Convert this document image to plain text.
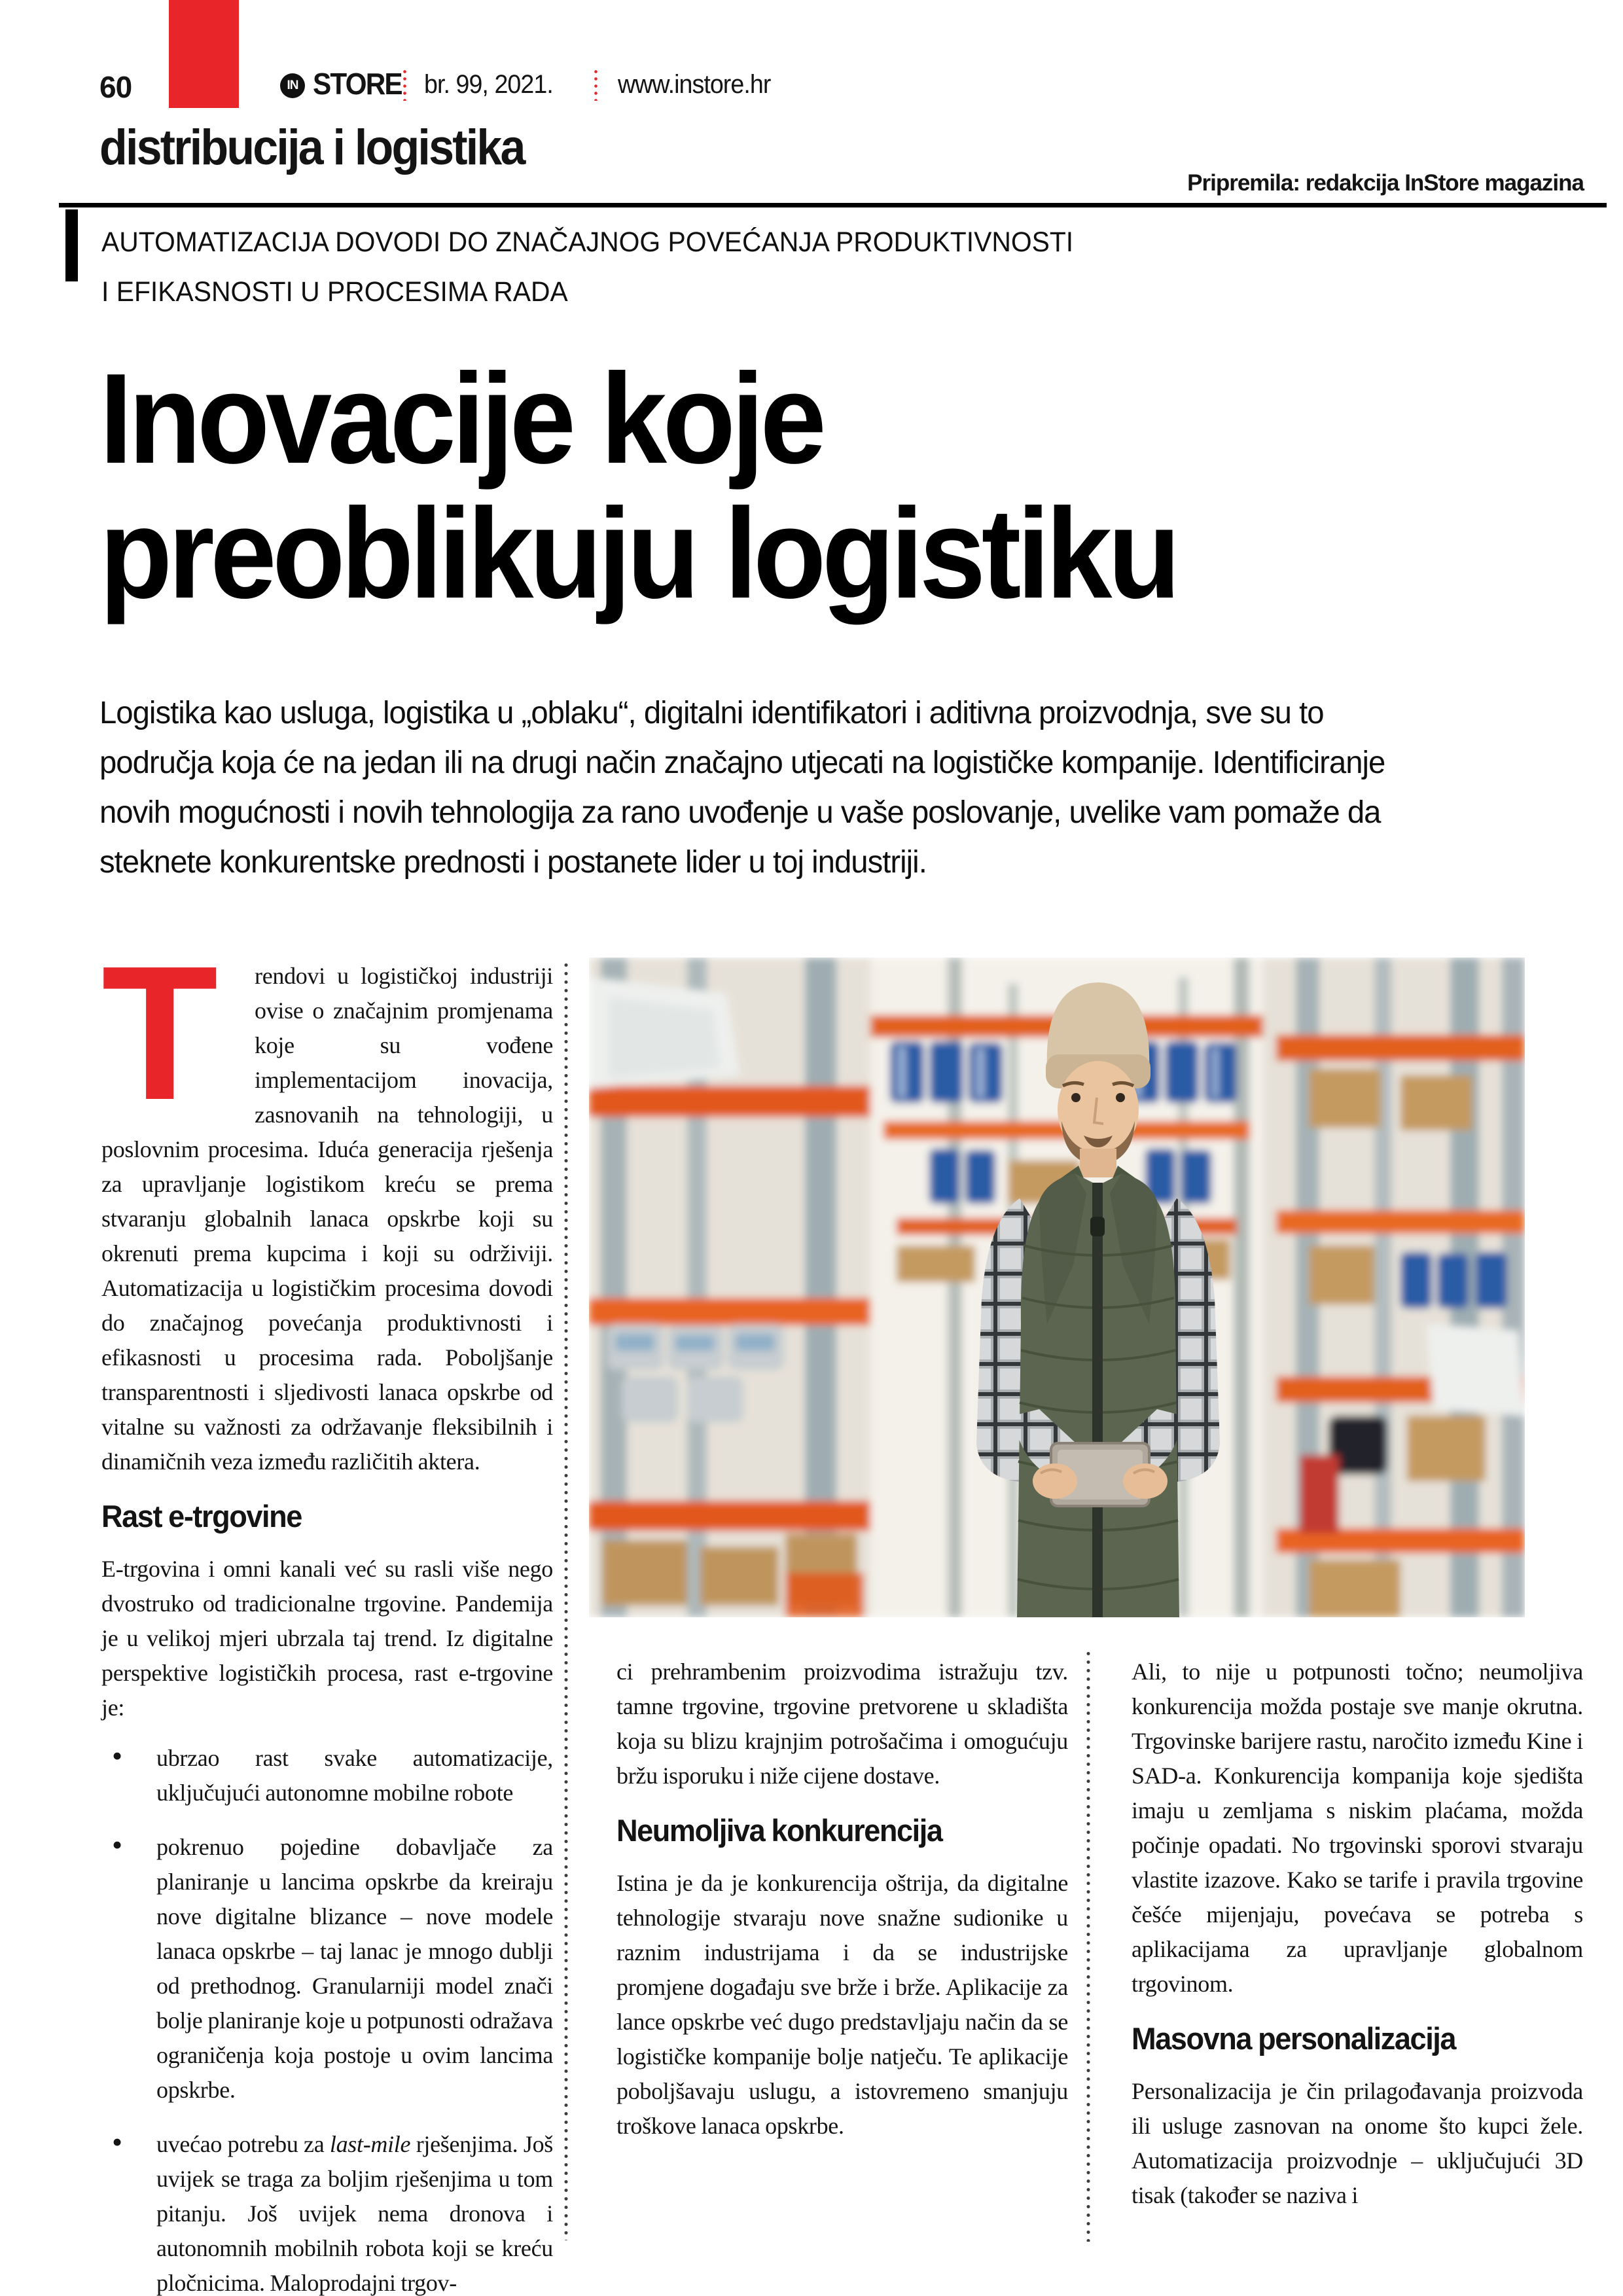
60	IN STORE br. 99, 2021. www.instore.hr
distribucija i logistika
Pripremila: redakcija InStore magazina
AUTOMATIZACIJA DOVODI DO ZNAČAJNOG POVEĆANJA PRODUKTIVNOSTI
I EFIKASNOSTI U PROCESIMA RADA
Inovacije koje
preoblikuju logistiku
Logistika kao usluga, logistika u „oblaku“, digitalni identifikatori i aditivna proizvodnja, sve su to područja koja će na jedan ili na drugi način značajno utjecati na logističke kompanije. Identificiranje novih mogućnosti i novih tehnologija za rano uvođenje u vaše poslovanje, uvelike vam pomaže da steknete konkurentske prednosti i postanete lider u toj industriji.

T	rendovi u logističkoj industriji ovise o značajnim promjenama koje su vođene implementacijom inovacija, zasnovanih na tehnologiji, u poslovnim procesima. Iduća generacija rješenja za upravljanje logistikom kreću se prema stvaranju globalnih lanaca opskrbe koji su okrenuti prema kupcima i koji su održiviji. Automatizacija u logističkim procesima dovodi do značajnog povećanja produktivnosti i efikasnosti u procesima rada. Poboljšanje transparentnosti i sljedivosti lanaca opskrbe od vitalne su važnosti za održavanje fleksibilnih i dinamičnih veza između različitih aktera.

Rast e-trgovine

E-trgovina i omni kanali već su rasli više nego dvostruko od tradicionalne trgovine. Pandemija je u velikoj mjeri ubrzala taj trend. Iz digitalne perspektive logističkih procesa, rast e-trgovine je:

• ubrzao rast svake automatizacije, uključujući autonomne mobilne robote
• pokrenuo pojedine dobavljače za planiranje u lancima opskrbe da kreiraju nove digitalne blizance – nove modele lanaca opskrbe – taj lanac je mnogo dublji od prethodnog. Granularniji model znači bolje planiranje koje u potpunosti odražava ograničenja koja postoje u ovim lancima opskrbe.
• uvećao potrebu za last-mile rješenjima. Još uvijek se traga za boljim rješenjima u tom pitanju. Još uvijek nema dronova i autonomnih mobilnih robota koji se kreću pločnicima. Maloprodajni trgov-

ci prehrambenim proizvodima istražuju tzv. tamne trgovine, trgovine pretvorene u skladišta koja su blizu krajnjim potrošačima i omogućuju bržu isporuku i niže cijene dostave.

Neumoljiva konkurencija

Istina je da je konkurencija oštrija, da digitalne tehnologije stvaraju nove snažne sudionike u raznim industrijama i da se industrijske promjene događaju sve brže i brže. Aplikacije za lance opskrbe već dugo predstavljaju način da se logističke kompanije bolje natječu. Te aplikacije poboljšavaju uslugu, a istovremeno smanjuju troškove lanaca opskrbe.

Ali, to nije u potpunosti točno; neumoljiva konkurencija možda postaje sve manje okrutna. Trgovinske barijere rastu, naročito između Kine i SAD-a. Konkurencija kompanija koje sjedišta imaju u zemljama s niskim plaćama, možda počinje opadati. No trgovinski sporovi stvaraju vlastite izazove. Kako se tarife i pravila trgovine češće mijenjaju, povećava se potreba s aplikacijama za upravljanje globalnom trgovinom.

Masovna personalizacija

Personalizacija je čin prilagođavanja proizvoda ili usluge zasnovan na onome što kupci žele. Automatizacija proizvodnje – uključujući 3D tisak (također se naziva i
